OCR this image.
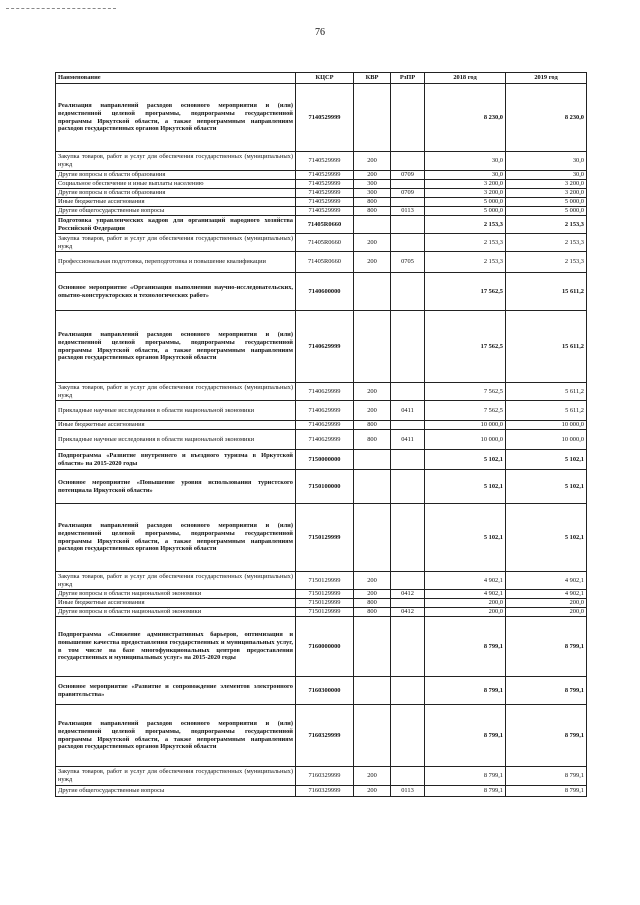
76
Наименование	КЦСР	КВР	РзПР	2018 год	2019 год
Реализация направлений расходов основного мероприятия и (или) ведомственной целевой программы, подпрограммы государственной программы Иркутской области, а также непрограммным направлениям расходов государственных органов Иркутской области	7140529999			8 230,0	8 230,0
Закупка товаров, работ и услуг для обеспечения государственных (муниципальных) нужд	7140529999	200		30,0	30,0
Другие вопросы в области образования	7140529999	200	0709	30,0	30,0
Социальное обеспечение и иные выплаты населению	7140529999	300		3 200,0	3 200,0
Другие вопросы в области образования	7140529999	300	0709	3 200,0	3 200,0
Иные бюджетные ассигнования	7140529999	800		5 000,0	5 000,0
Другие общегосударственные вопросы	7140529999	800	0113	5 000,0	5 000,0
Подготовка управленческих кадров для организаций народного хозяйства Российской Федерации	71405R0660			2 153,3	2 153,3
Закупка товаров, работ и услуг для обеспечения государственных (муниципальных) нужд	71405R0660	200		2 153,3	2 153,3
Профессиональная подготовка, переподготовка и повышение квалификации	71405R0660	200	0705	2 153,3	2 153,3
Основное мероприятие «Организация выполнения научно-исследовательских, опытно-конструкторских и технологических работ»	7140600000			17 562,5	15 611,2
Реализация направлений расходов основного мероприятия и (или) ведомственной целевой программы, подпрограммы государственной программы Иркутской области, а также непрограммным направлениям расходов государственных органов Иркутской области	7140629999			17 562,5	15 611,2
Закупка товаров, работ и услуг для обеспечения государственных (муниципальных) нужд	7140629999	200		7 562,5	5 611,2
Прикладные научные исследования в области национальной экономики	7140629999	200	0411	7 562,5	5 611,2
Иные бюджетные ассигнования	7140629999	800		10 000,0	10 000,0
Прикладные научные исследования в области национальной экономики	7140629999	800	0411	10 000,0	10 000,0
Подпрограмма «Развитие внутреннего и въездного туризма в Иркутской области» на 2015-2020 годы	7150000000			5 102,1	5 102,1
Основное мероприятие «Повышение уровня использования туристского потенциала Иркутской области»	7150100000			5 102,1	5 102,1
Реализация направлений расходов основного мероприятия и (или) ведомственной целевой программы, подпрограммы государственной программы Иркутской области, а также непрограммным направлениям расходов государственных органов Иркутской области	7150129999			5 102,1	5 102,1
Закупка товаров, работ и услуг для обеспечения государственных (муниципальных) нужд	7150129999	200		4 902,1	4 902,1
Другие вопросы в области национальной экономики	7150129999	200	0412	4 902,1	4 902,1
Иные бюджетные ассигнования	7150129999	800		200,0	200,0
Другие вопросы в области национальной экономики	7150129999	800	0412	200,0	200,0
Подпрограмма «Снижение административных барьеров, оптимизация и повышение качества предоставления государственных и муниципальных услуг, в том числе на базе многофункциональных центров предоставления государственных и муниципальных услуг» на 2015-2020 годы	7160000000			8 799,1	8 799,1
Основное мероприятие «Развитие и сопровождение элементов электронного правительства»	7160300000			8 799,1	8 799,1
Реализация направлений расходов основного мероприятия и (или) ведомственной целевой программы, подпрограммы государственной программы Иркутской области, а также непрограммным направлениям расходов государственных органов Иркутской области	7160329999			8 799,1	8 799,1
Закупка товаров, работ и услуг для обеспечения государственных (муниципальных) нужд	7160329999	200		8 799,1	8 799,1
Другие общегосударственные вопросы	7160329999	200	0113	8 799,1	8 799,1
